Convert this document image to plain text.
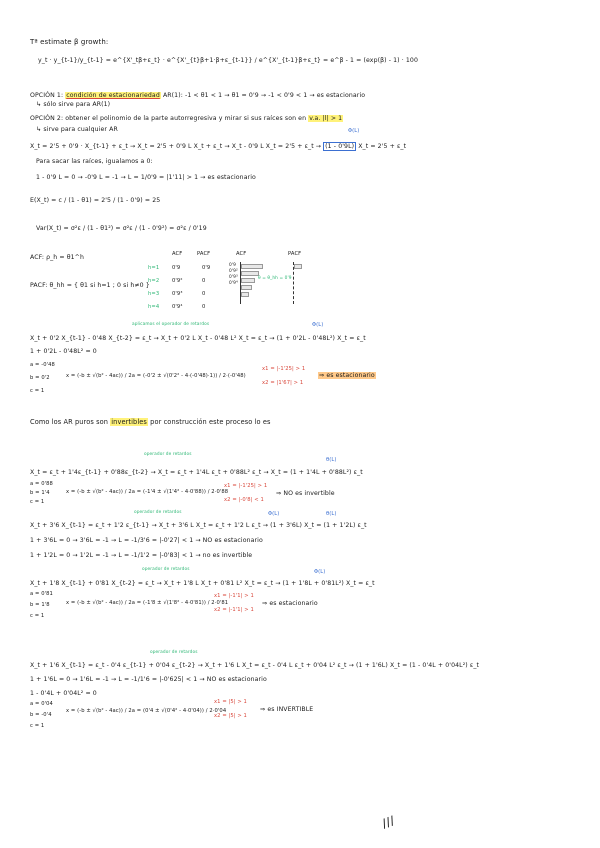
Tª estimate β growth:
y_t · y_{t-1}/y_{t-1} = e^{X'_tβ+ε_t} · e^{X'_{t}β+1·β+ε_{t-1}} / e^{X'_{t-1}β+ε_t} = e^β - 1 = (exp(β) - 1) · 100
OPCIÓN 1: condición de estacionariedad AR(1): -1 < θ1 < 1 → θ1 = 0'9 → -1 < 0'9 < 1 → es estacionario
↳ sólo sirve para AR(1)
OPCIÓN 2: obtener el polinomio de la parte autorregresiva y mirar si sus raíces son en v.a. |l| > 1
↳ sirve para cualquier AR	Φ(L)
X_t = 2'5 + 0'9 · X_{t-1} + ε_t → X_t = 2'5 + 0'9 L X_t + ε_t → X_t - 0'9 L X_t = 2'5 + ε_t → (1 - 0'9L) X_t = 2'5 + ε_t
Para sacar las raíces, igualamos a 0:
1 - 0'9 L = 0 → -0'9 L = -1 → L = 1/0'9 = |1'11| > 1 → es estacionario
E(X_t) = c / (1 - θ1) = 2'5 / (1 - 0'9) = 25
Var(X_t) = σ²ε / (1 - θ1²) = σ²ε / (1 - 0'9²) = σ²ε / 0'19
ACF: ρ_h = θ1^h
PACF: θ_hh = { θ1 si h=1 ; 0 si h≠0 }
ACF	PACF
h=1 0'9	0'9
h=2 0'9²	0
h=3 0'9³	0
h=4 0'9⁴	0
ACF
0'9
0'9²
0'9³
0'9⁴
θ = θ_hh = 0'9
PACF
aplicamos el operador de retardos	Φ(L)
X_t + 0'2 X_{t-1} - 0'48 X_{t-2} = ε_t → X_t + 0'2 L X_t - 0'48 L² X_t = ε_t → (1 + 0'2L - 0'48L²) X_t = ε_t
1 + 0'2L - 0'48L² = 0
a = -0'48
b = 0'2
c = 1
x = (-b ± √(b² - 4ac)) / 2a = (-0'2 ± √(0'2² - 4·(-0'48)·1)) / 2·(-0'48)
x1 = |-1'25| > 1
x2 = |1'67| > 1
⇒ es estacionario
Como los AR puros son invertibles por construcción este proceso lo es
operador de retardos
θ(L)
X_t = ε_t + 1'4ε_{t-1} + 0'88ε_{t-2} → X_t = ε_t + 1'4L ε_t + 0'88L² ε_t → X_t = (1 + 1'4L + 0'88L²) ε_t
a = 0'88
b = 1'4
c = 1
x = (-b ± √(b² - 4ac)) / 2a = (-1'4 ± √(1'4² - 4·0'88)) / 2·0'88
x1 = |-1'25| > 1
x2 = |-0'8| < 1
⇒ NO es invertible
operador de retardos	Φ(L)	θ(L)
X_t + 3'6 X_{t-1} = ε_t + 1'2 ε_{t-1} → X_t + 3'6 L X_t = ε_t + 1'2 L ε_t → (1 + 3'6L) X_t = (1 + 1'2L) ε_t
1 + 3'6L = 0 → 3'6L = -1 → L = -1/3'6 = |-0'27| < 1 → NO es estacionario
1 + 1'2L = 0 → 1'2L = -1 → L = -1/1'2 = |-0'83| < 1 → no es invertible
operador de retardos	Φ(L)
X_t + 1'8 X_{t-1} + 0'81 X_{t-2} = ε_t → X_t + 1'8 L X_t + 0'81 L² X_t = ε_t → (1 + 1'8L + 0'81L²) X_t = ε_t
a = 0'81
b = 1'8
c = 1
x = (-b ± √(b² - 4ac)) / 2a = (-1'8 ± √(1'8² - 4·0'81)) / 2·0'81
x1 = |-1'1| > 1
x2 = |-1'1| > 1
⇒ es estacionario
operador de retardos
X_t + 1'6 X_{t-1} = ε_t - 0'4 ε_{t-1} + 0'04 ε_{t-2} → X_t + 1'6 L X_t = ε_t - 0'4 L ε_t + 0'04 L² ε_t → (1 + 1'6L) X_t = (1 - 0'4L + 0'04L²) ε_t
1 + 1'6L = 0 → 1'6L = -1 → L = -1/1'6 = |-0'625| < 1 → NO es estacionario
1 - 0'4L + 0'04L² = 0
a = 0'04
b = -0'4
c = 1
x = (-b ± √(b² - 4ac)) / 2a = (0'4 ± √(0'4² - 4·0'04)) / 2·0'04
x1 = |5| > 1
x2 = |5| > 1
⇒ es INVERTIBLE
///
